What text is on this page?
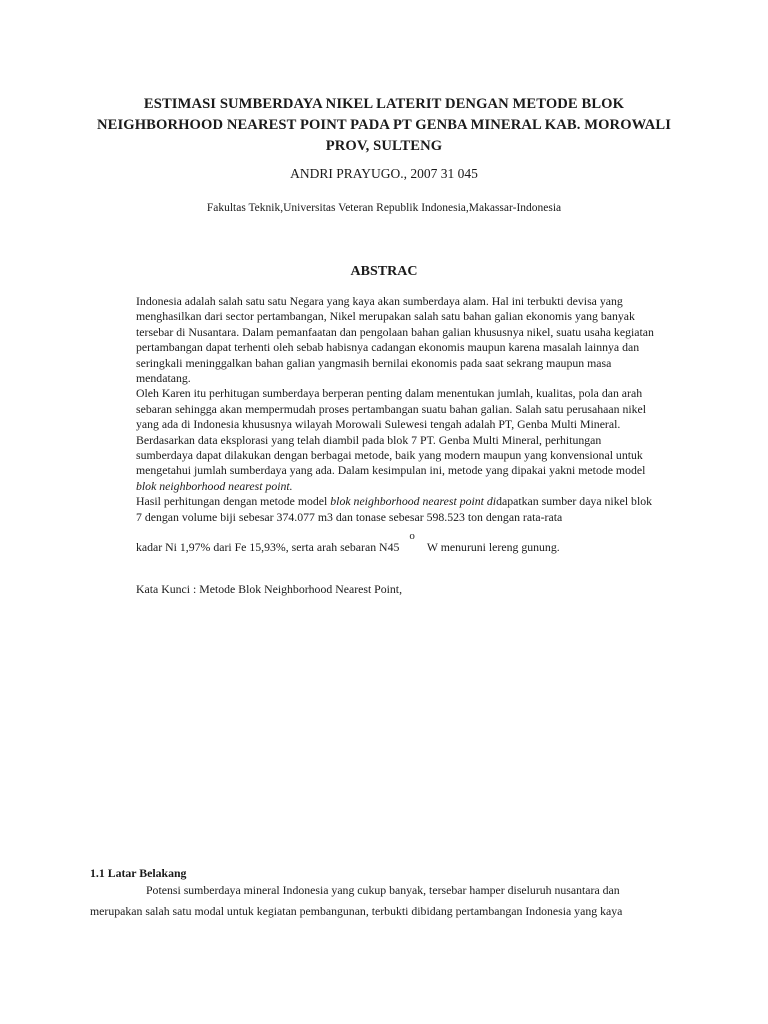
ESTIMASI SUMBERDAYA NIKEL LATERIT DENGAN METODE BLOK
NEIGHBORHOOD NEAREST POINT PADA PT GENBA MINERAL KAB. MOROWALI
PROV, SULTENG
ANDRI PRAYUGO., 2007 31 045
Fakultas Teknik,Universitas Veteran Republik Indonesia,Makassar-Indonesia
ABSTRAC

Indonesia adalah salah satu satu Negara yang kaya akan sumberdaya alam. Hal ini terbukti devisa yang menghasilkan dari sector pertambangan, Nikel merupakan salah satu bahan galian ekonomis yang banyak tersebar di Nusantara. Dalam pemanfaatan dan pengolaan bahan galian khususnya nikel, suatu usaha kegiatan pertambangan dapat terhenti oleh sebab habisnya cadangan ekonomis maupun karena masalah lainnya dan seringkali meninggalkan bahan galian yangmasih bernilai ekonomis pada saat sekrang maupun masa mendatang.

Oleh Karen itu perhitugan sumberdaya berperan penting dalam menentukan jumlah, kualitas, pola dan arah sebaran sehingga akan mempermudah proses pertambangan suatu bahan galian. Salah satu perusahaan nikel yang ada di Indonesia khususnya wilayah Morowali Sulewesi tengah adalah PT, Genba Multi Mineral.

Berdasarkan data eksplorasi yang telah diambil pada blok 7 PT. Genba Multi Mineral, perhitungan sumberdaya dapat dilakukan dengan berbagai metode, baik yang modern maupun yang konvensional untuk mengetahui jumlah sumberdaya yang ada. Dalam kesimpulan ini, metode yang dipakai yakni metode model blok neighborhood nearest point.

Hasil perhitungan dengan metode model blok neighborhood nearest point didapatkan sumber daya nikel blok 7 dengan volume biji sebesar 374.077 m3 dan tonase sebesar 598.523 ton dengan rata-rata

kadar Ni 1,97% dari Fe 15,93%, serta arah sebaran N45oW menuruni lereng gunung.
Kata Kunci : Metode Blok Neighborhood Nearest Point,
1.1 Latar Belakang
Potensi sumberdaya mineral Indonesia yang cukup banyak, tersebar hamper diseluruh nusantara dan merupakan salah satu modal untuk kegiatan pembangunan, terbukti dibidang pertambangan Indonesia yang kaya
